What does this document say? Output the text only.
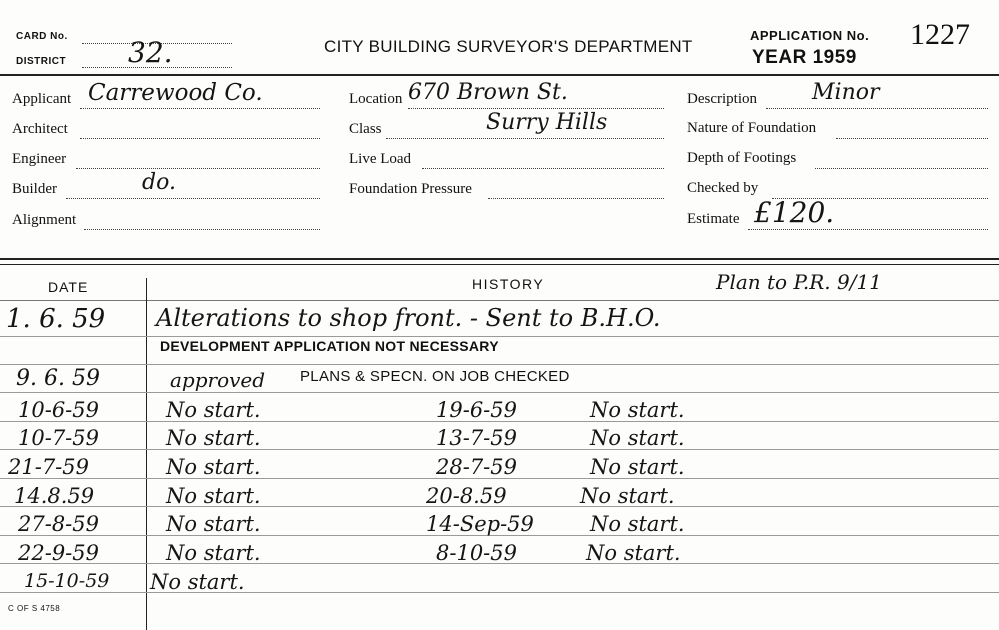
CARD No.
DISTRICT 32.	CITY BUILDING SURVEYOR'S DEPARTMENT
APPLICATION No. 1227
YEAR 1959
Applicant Carrewood Co.
Architect
Engineer
Builder	do.
Alignment
Location 670 Brown St.
Class	Surry Hills
Live Load
Foundation Pressure
Description	Minor
Nature of Foundation
Depth of Footings
Checked by
Estimate £120.
DATE	HISTORY	Plan to P.R. 9/11
1. 6. 59 Alterations to shop front. - Sent to B.H.O.
DEVELOPMENT APPLICATION NOT NECESSARY
9. 6. 59	approved PLANS & SPECN. ON JOB CHECKED
10-6-59	No start.	19-6-59	No start.
10-7-59	No start.	13-7-59	No start.
21-7-59	No start.	28-7-59	No start.
14.8.59	No start.	20-8.59	No start.
27-8-59	No start.	14-Sep-59	No start.
22-9-59	No start.	8-10-59	No start.
15-10-59 No start.
C OF S 4758
